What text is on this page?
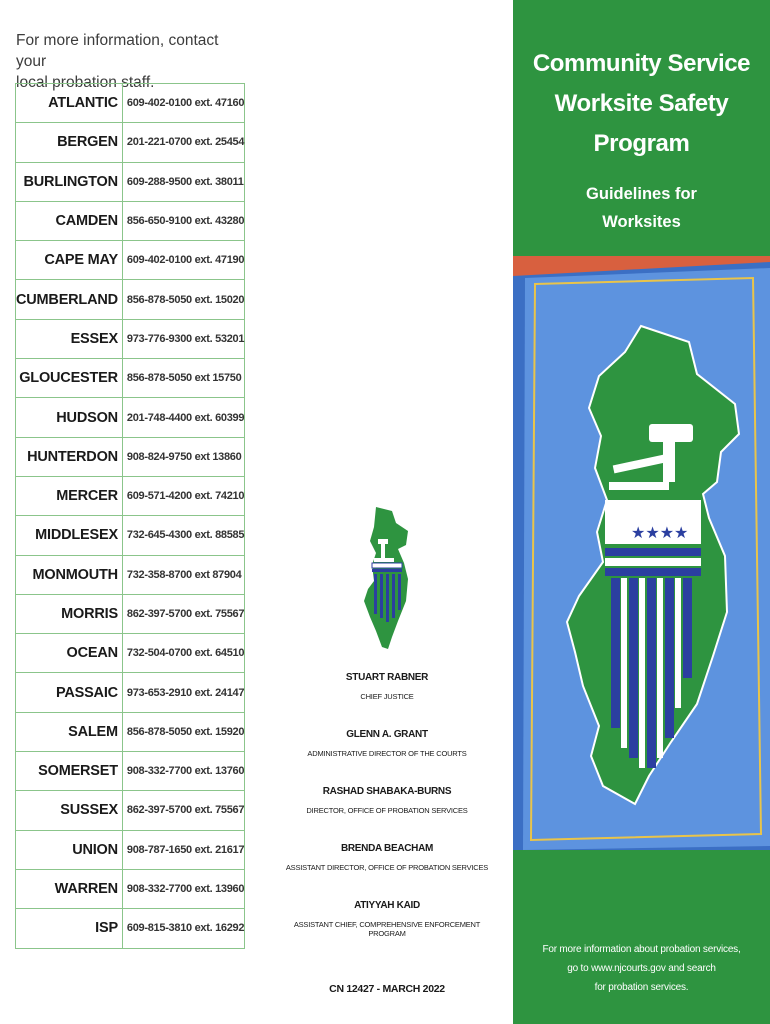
For more information, contact your
local probation staff.
ATLANTIC	609-402-0100 ext. 47160
BERGEN	201-221-0700 ext. 25454
BURLINGTON	609-288-9500 ext. 38011
CAMDEN	856-650-9100 ext. 43280
CAPE MAY	609-402-0100 ext. 47190
CUMBERLAND	856-878-5050 ext. 15020
ESSEX	973-776-9300 ext. 53201
GLOUCESTER	856-878-5050 ext 15750
HUDSON	201-748-4400 ext. 60399
HUNTERDON	908-824-9750 ext 13860
MERCER	609-571-4200 ext. 74210
MIDDLESEX	732-645-4300 ext. 88585
MONMOUTH	732-358-8700 ext 87904
MORRIS	862-397-5700 ext. 75567
OCEAN	732-504-0700 ext. 64510
PASSAIC	973-653-2910 ext. 24147
SALEM	856-878-5050 ext. 15920
SOMERSET	908-332-7700 ext. 13760
SUSSEX	862-397-5700 ext. 75567
UNION	908-787-1650 ext. 21617
WARREN	908-332-7700 ext. 13960
ISP	609-815-3810 ext. 16292
STUART RABNER
CHIEF JUSTICE
GLENN A. GRANT
ADMINISTRATIVE DIRECTOR OF THE COURTS
RASHAD SHABAKA-BURNS
DIRECTOR, OFFICE OF PROBATION SERVICES
BRENDA BEACHAM
ASSISTANT DIRECTOR, OFFICE OF PROBATION SERVICES
ATIYYAH KAID
ASSISTANT CHIEF, COMPREHENSIVE ENFORCEMENT PROGRAM
CN 12427 - MARCH 2022
Community Service
Worksite Safety
Program
Guidelines for
Worksites
★★★★
For more information about probation services,
go to www.njcourts.gov and search
for probation services.
